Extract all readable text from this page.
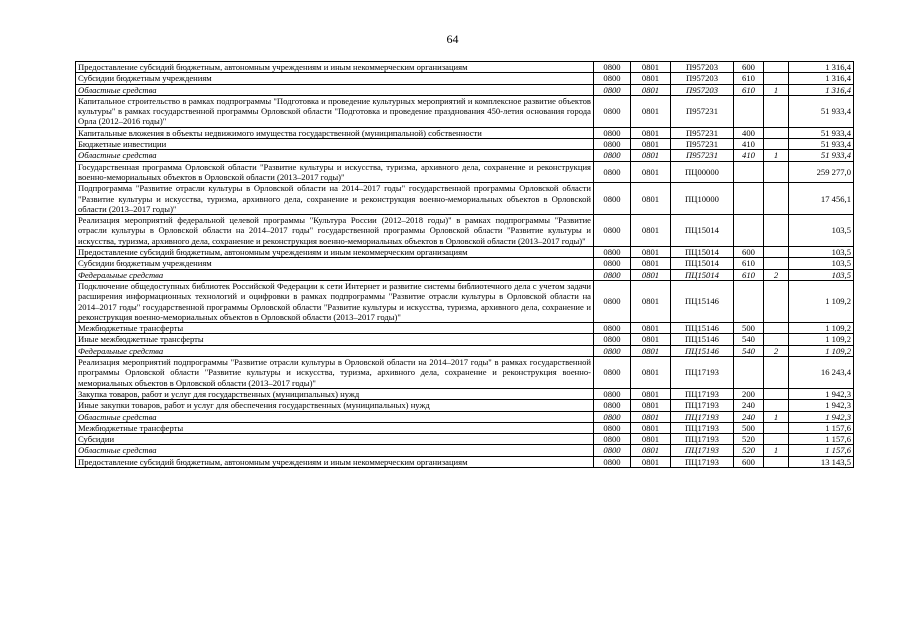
64
Предоставление субсидий бюджетным, автономным учреждениям и иным некоммерческим организациям	0800	0801	П957203	600		1 316,4
Субсидии бюджетным учреждениям	0800	0801	П957203	610		1 316,4
Областные средства	0800	0801	П957203	610	1	1 316,4
Капитальное строительство в рамках подпрограммы "Подготовка и проведение культурных мероприятий и комплексное развитие объектов культуры" в рамках государственной программы Орловской области "Подготовка и проведение празднования 450-летия основания города Орла (2012–2016 годы)"	0800	0801	П957231			51 933,4
Капитальные вложения в объекты недвижимого имущества государственной (муниципальной) собственности	0800	0801	П957231	400		51 933,4
Бюджетные инвестиции	0800	0801	П957231	410		51 933,4
Областные средства	0800	0801	П957231	410	1	51 933,4
Государственная программа Орловской области "Развитие культуры и искусства, туризма, архивного дела, сохранение и реконструкция военно-мемориальных объектов в Орловской области (2013–2017 годы)"	0800	0801	ПЦ00000			259 277,0
Подпрограмма "Развитие отрасли культуры в Орловской области на 2014–2017 годы" государственной программы Орловской области "Развитие культуры и искусства, туризма, архивного дела, сохранение и реконструкция военно-мемориальных объектов в Орловской области (2013–2017 годы)"	0800	0801	ПЦ10000			17 456,1
Реализация мероприятий федеральной целевой программы "Культура России (2012–2018 годы)" в рамках подпрограммы "Развитие отрасли культуры в Орловской области на 2014–2017 годы" государственной программы Орловской области "Развитие культуры и искусства, туризма, архивного дела, сохранение и реконструкция военно-мемориальных объектов в Орловской области (2013–2017 годы)"	0800	0801	ПЦ15014			103,5
Предоставление субсидий бюджетным, автономным учреждениям и иным некоммерческим организациям	0800	0801	ПЦ15014	600		103,5
Субсидии бюджетным учреждениям	0800	0801	ПЦ15014	610		103,5
Федеральные средства	0800	0801	ПЦ15014	610	2	103,5
Подключение общедоступных библиотек Российской Федерации к сети Интернет и развитие системы библиотечного дела с учетом задачи расширения информационных технологий и оцифровки в рамках подпрограммы "Развитие отрасли культуры в Орловской области на 2014–2017 годы" государственной программы Орловской области "Развитие культуры и искусства, туризма, архивного дела, сохранение и реконструкция военно-мемориальных объектов в Орловской области (2013–2017 годы)"	0800	0801	ПЦ15146			1 109,2
Межбюджетные трансферты	0800	0801	ПЦ15146	500		1 109,2
Иные межбюджетные трансферты	0800	0801	ПЦ15146	540		1 109,2
Федеральные средства	0800	0801	ПЦ15146	540	2	1 109,2
Реализация мероприятий подпрограммы "Развитие отрасли культуры в Орловской области на 2014–2017 годы" в рамках государственной программы Орловской области "Развитие культуры и искусства, туризма, архивного дела, сохранение и реконструкция военно-мемориальных объектов в Орловской области (2013–2017 годы)"	0800	0801	ПЦ17193			16 243,4
Закупка товаров, работ и услуг для государственных (муниципальных) нужд	0800	0801	ПЦ17193	200		1 942,3
Иные закупки товаров, работ и услуг для обеспечения государственных (муниципальных) нужд	0800	0801	ПЦ17193	240		1 942,3
Областные средства	0800	0801	ПЦ17193	240	1	1 942,3
Межбюджетные трансферты	0800	0801	ПЦ17193	500		1 157,6
Субсидии	0800	0801	ПЦ17193	520		1 157,6
Областные средства	0800	0801	ПЦ17193	520	1	1 157,6
Предоставление субсидий бюджетным, автономным учреждениям и иным некоммерческим организациям	0800	0801	ПЦ17193	600		13 143,5
